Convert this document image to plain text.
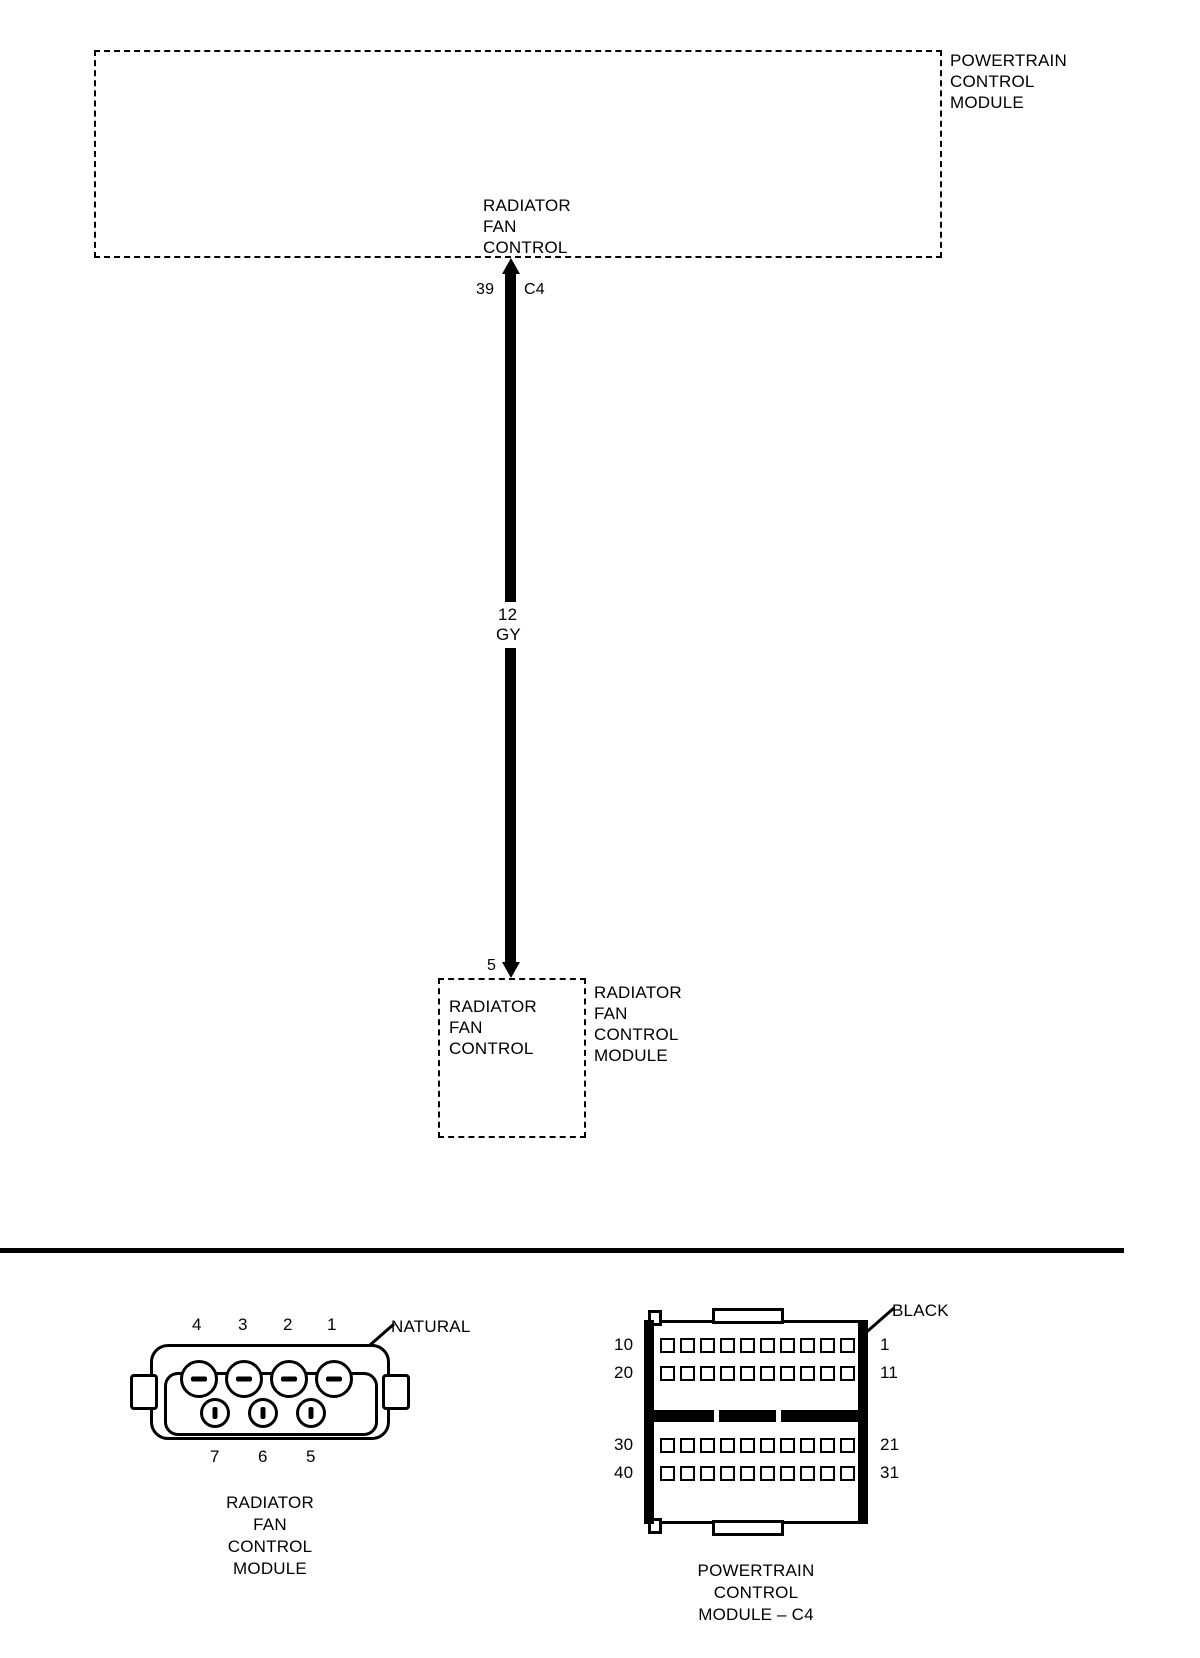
POWERTRAIN
CONTROL
MODULE
RADIATOR
FAN
CONTROL
39 C4
12
GY
5
RADIATOR
FAN
CONTROL
RADIATOR
FAN
CONTROL
MODULE
4 3 2 1	NATURAL
7 6 5
RADIATOR
FAN
CONTROL
MODULE
BLACK
10
20
30
40
1
11
21
31
POWERTRAIN
CONTROL
MODULE – C4
